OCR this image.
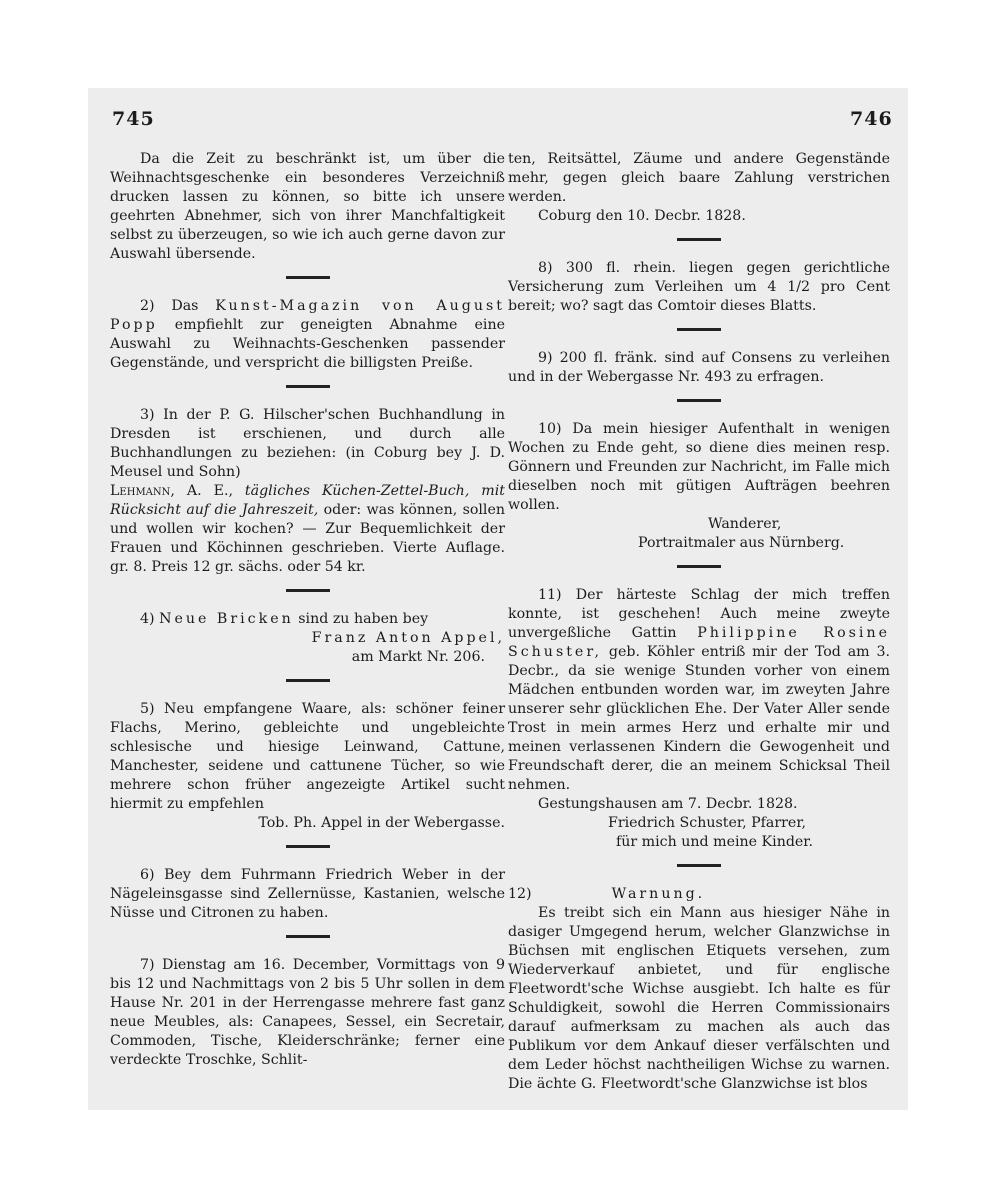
745	746

Da die Zeit zu beschränkt ist, um über die Weihnachtsgeschenke ein besonderes Verzeichniß drucken lassen zu können, so bitte ich unsere geehrten Abnehmer, sich von ihrer Manchfaltigkeit selbst zu überzeugen, so wie ich auch gerne davon zur Auswahl übersende.

2) Das Kunst-Magazin von August Popp empfiehlt zur geneigten Abnahme eine Auswahl zu Weihnachts-Geschenken passender Gegenstände, und verspricht die billigsten Preiße.

3) In der P. G. Hilscher'schen Buchhandlung in Dresden ist erschienen, und durch alle Buchhandlungen zu beziehen: (in Coburg bey J. D. Meusel und Sohn)
Lehmann, A. E., tägliches Küchen-Zettel-Buch, mit Rücksicht auf die Jahreszeit, oder: was können, sollen und wollen wir kochen? — Zur Bequemlichkeit der Frauen und Köchinnen geschrieben. Vierte Auflage. gr. 8. Preis 12 gr. sächs. oder 54 kr.

4) Neue Bricken sind zu haben bey

Franz Anton Appel,

am Markt Nr. 206.

5) Neu empfangene Waare, als: schöner feiner Flachs, Merino, gebleichte und ungebleichte schlesische und hiesige Leinwand, Cattune, Manchester, seidene und cattunene Tücher, so wie mehrere schon früher angezeigte Artikel sucht hiermit zu empfehlen

Tob. Ph. Appel in der Webergasse.

6) Bey dem Fuhrmann Friedrich Weber in der Nägeleinsgasse sind Zellernüsse, Kastanien, welsche Nüsse und Citronen zu haben.

7) Dienstag am 16. December, Vormittags von 9 bis 12 und Nachmittags von 2 bis 5 Uhr sollen in dem Hause Nr. 201 in der Herrengasse mehrere fast ganz neue Meubles, als: Canapees, Sessel, ein Secretair, Commoden, Tische, Kleiderschränke; ferner eine verdeckte Troschke, Schlit-

ten, Reitsättel, Zäume und andere Gegenstände mehr, gegen gleich baare Zahlung verstrichen werden.

Coburg den 10. Decbr. 1828.

8) 300 fl. rhein. liegen gegen gerichtliche Versicherung zum Verleihen um 4 1/2 pro Cent bereit; wo? sagt das Comtoir dieses Blatts.

9) 200 fl. fränk. sind auf Consens zu verleihen und in der Webergasse Nr. 493 zu erfragen.

10) Da mein hiesiger Aufenthalt in wenigen Wochen zu Ende geht, so diene dies meinen resp. Gönnern und Freunden zur Nachricht, im Falle mich dieselben noch mit gütigen Aufträgen beehren wollen.

Wanderer,

Portraitmaler aus Nürnberg.

11) Der härteste Schlag der mich treffen konnte, ist geschehen! Auch meine zweyte unvergeßliche Gattin Philippine Rosine Schuster, geb. Köhler entriß mir der Tod am 3. Decbr., da sie wenige Stunden vorher von einem Mädchen entbunden worden war, im zweyten Jahre unserer sehr glücklichen Ehe. Der Vater Aller sende Trost in mein armes Herz und erhalte mir und meinen verlassenen Kindern die Gewogenheit und Freundschaft derer, die an meinem Schicksal Theil nehmen.

Gestungshausen am 7. Decbr. 1828.

Friedrich Schuster, Pfarrer,

für mich und meine Kinder.

12)	Warnung.

Es treibt sich ein Mann aus hiesiger Nähe in dasiger Umgegend herum, welcher Glanzwichse in Büchsen mit englischen Etiquets versehen, zum Wiederverkauf anbietet, und für englische Fleetwordt'sche Wichse ausgiebt. Ich halte es für Schuldigkeit, sowohl die Herren Commissionairs darauf aufmerksam zu machen als auch das Publikum vor dem Ankauf dieser verfälschten und dem Leder höchst nachtheiligen Wichse zu warnen. Die ächte G. Fleetwordt'sche Glanzwichse ist blos
